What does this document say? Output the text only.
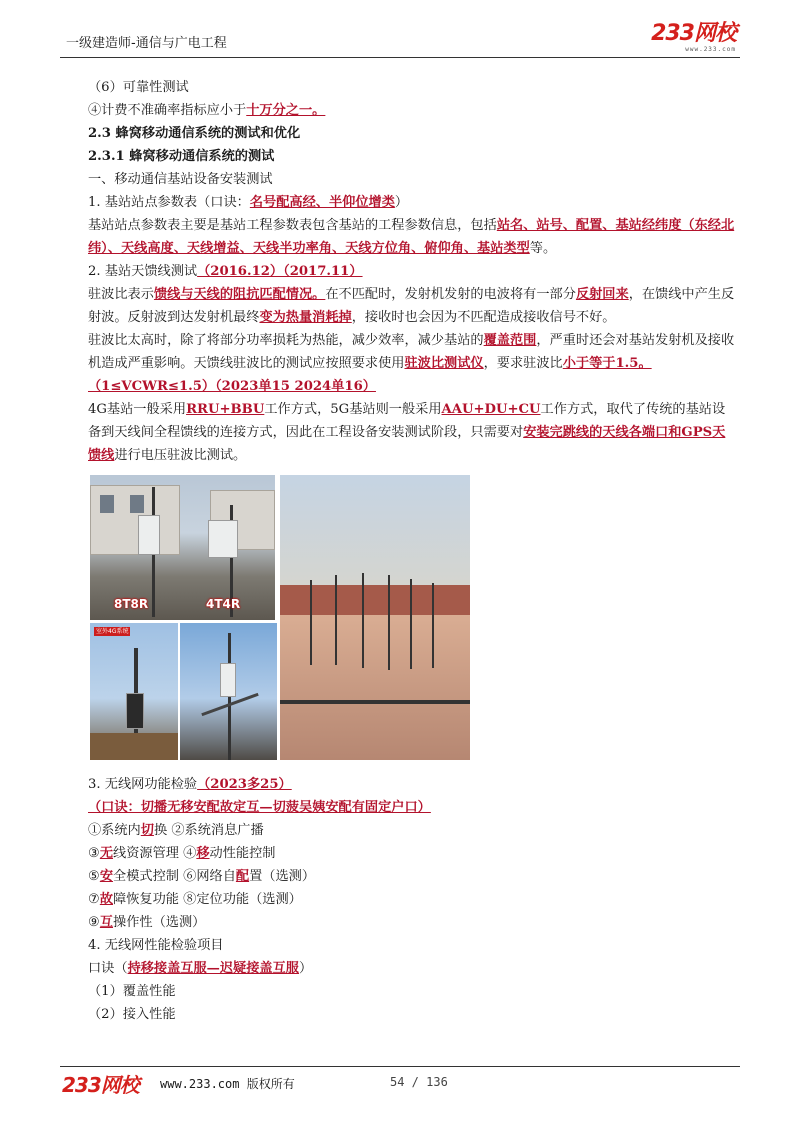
一级建造师-通信与广电工程	233网校
www.233.com
（6）可靠性测试
④计费不准确率指标应小于十万分之一。
2.3 蜂窝移动通信系统的测试和优化
2.3.1 蜂窝移动通信系统的测试
一、移动通信基站设备安装测试
1. 基站站点参数表（口诀：名号配高经、半仰位增类）
基站站点参数表主要是基站工程参数表包含基站的工程参数信息，包括站名、站号、配置、基站经纬度（东经北纬）、天线高度、天线增益、天线半功率角、天线方位角、俯仰角、基站类型等。
2. 基站天馈线测试（2016.12）（2017.11）
驻波比表示馈线与天线的阻抗匹配情况。在不匹配时，发射机发射的电波将有一部分反射回来，在馈线中产生反射波。反射波到达发射机最终变为热量消耗掉，接收时也会因为不匹配造成接收信号不好。
驻波比太高时，除了将部分功率损耗为热能，减少效率，减少基站的覆盖范围，严重时还会对基站发射机及接收机造成严重影响。天馈线驻波比的测试应按照要求使用驻波比测试仪，要求驻波比小于等于1.5。（1≤VCWR≤1.5）（2023单15 2024单16）
4G基站一般采用RRU+BBU工作方式，5G基站则一般采用AAU+DU+CU工作方式，取代了传统的基站设备到天线间全程馈线的连接方式，因此在工程设备安装测试阶段，只需要对安装完跳线的天线各端口和GPS天馈线进行电压驻波比测试。
8T8R	4T4R
室外4G系统
3. 无线网功能检验（2023多25）
（口诀：切播无移安配故定互—切菠吴姨安配有固定户口）
①系统内切换 ②系统消息广播
③无线资源管理 ④移动性能控制
⑤安全模式控制 ⑥网络自配置（选测）
⑦故障恢复功能 ⑧定位功能（选测）
⑨互操作性（选测）
4. 无线网性能检验项目
口诀（持移接盖互服—迟疑接盖互服）
（1）覆盖性能
（2）接入性能
233网校 www.233.com 版权所有	54 / 136
